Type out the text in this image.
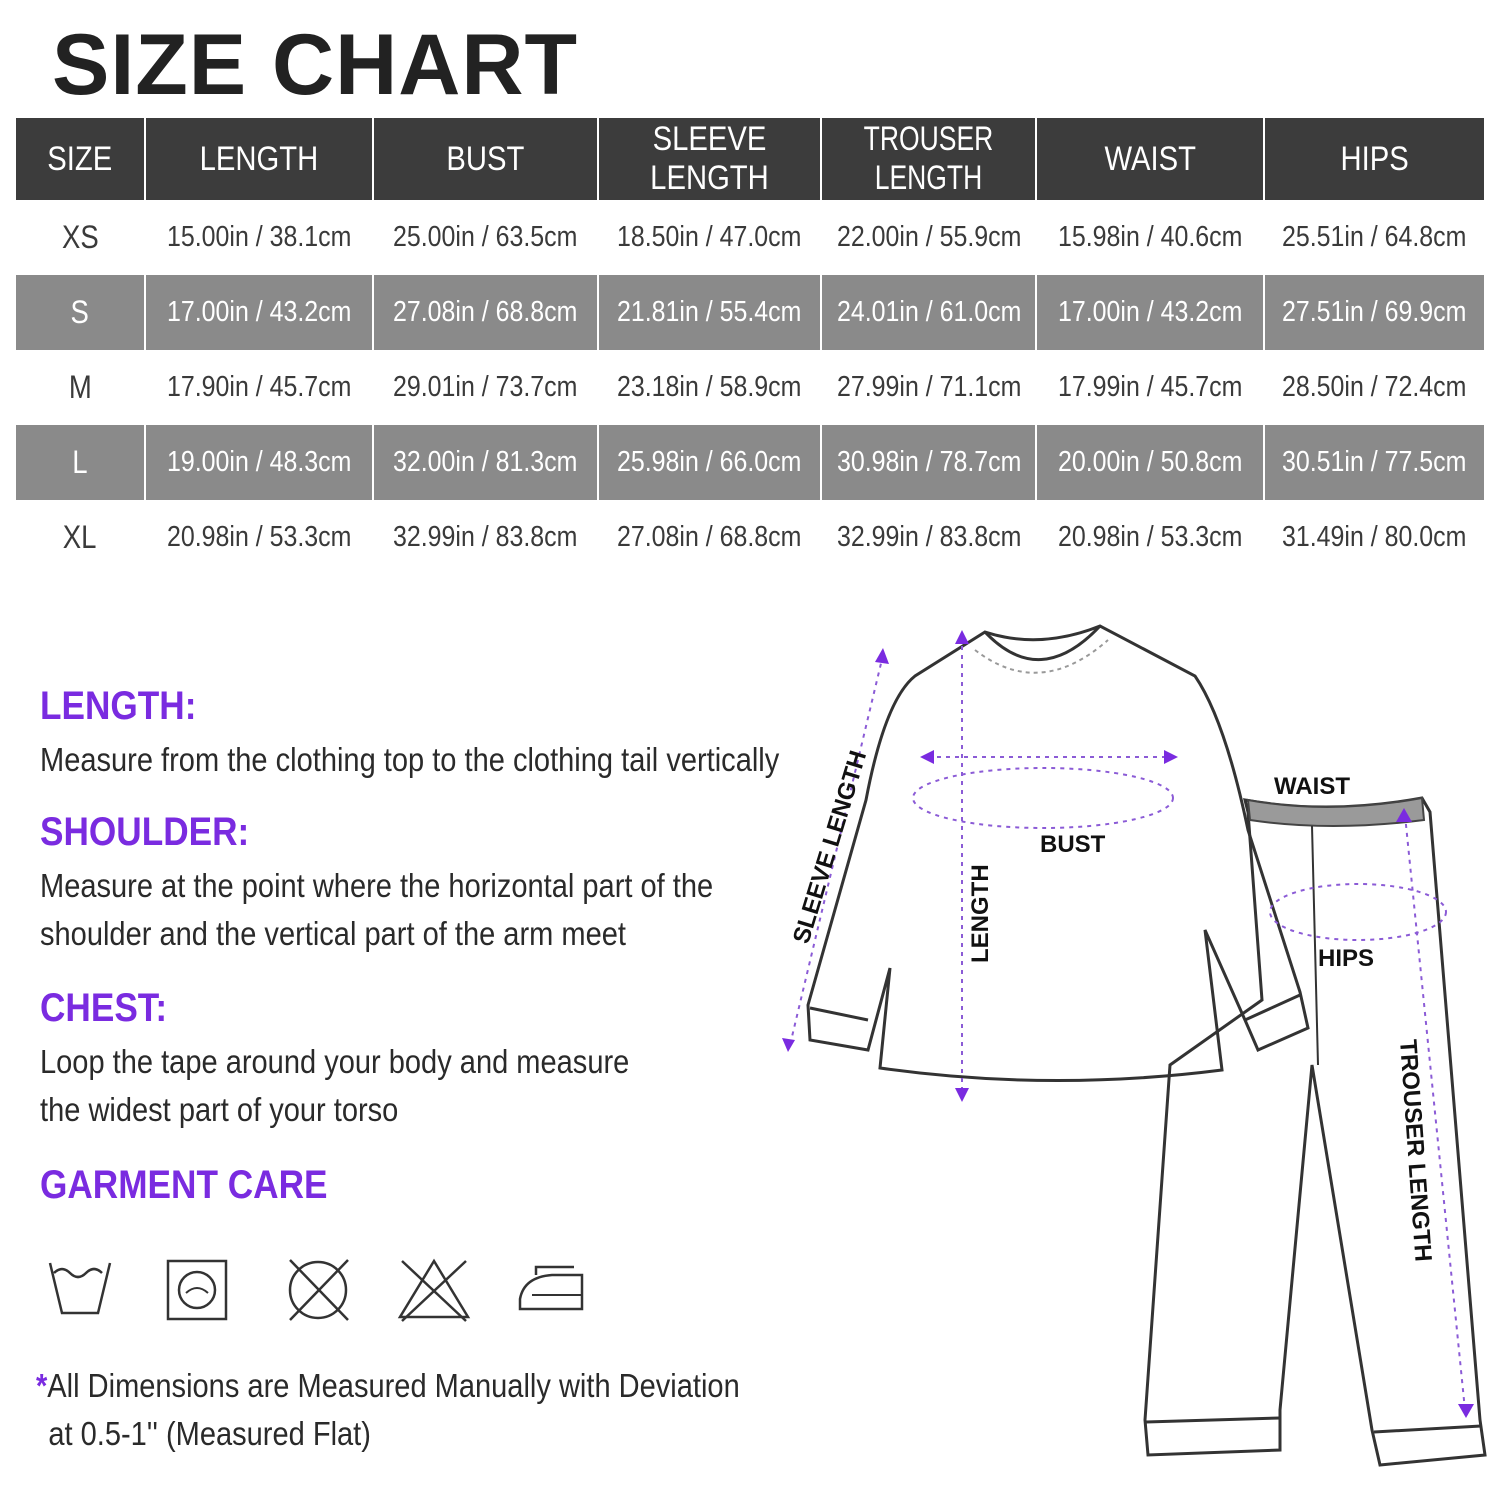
SIZE CHART
SIZE	LENGTH	BUST	SLEEVE LENGTH	TROUSER LENGTH	WAIST	HIPS
XS	15.00in / 38.1cm	25.00in / 63.5cm	18.50in / 47.0cm	22.00in / 55.9cm	15.98in / 40.6cm	25.51in / 64.8cm
S	17.00in / 43.2cm	27.08in / 68.8cm	21.81in / 55.4cm	24.01in / 61.0cm	17.00in / 43.2cm	27.51in / 69.9cm
M	17.90in / 45.7cm	29.01in / 73.7cm	23.18in / 58.9cm	27.99in / 71.1cm	17.99in / 45.7cm	28.50in / 72.4cm
L	19.00in / 48.3cm	32.00in / 81.3cm	25.98in / 66.0cm	30.98in / 78.7cm	20.00in / 50.8cm	30.51in / 77.5cm
XL	20.98in / 53.3cm	32.99in / 83.8cm	27.08in / 68.8cm	32.99in / 83.8cm	20.98in / 53.3cm	31.49in / 80.0cm
LENGTH:

Measure from the clothing top to the clothing tail vertically

SHOULDER:

Measure at the point where the horizontal part of the

shoulder and the vertical part of the arm meet

CHEST:

Loop the tape around your body and measure

the widest part of your torso

GARMENT CARE
*All Dimensions are Measured Manually with Deviation
at 0.5-1'' (Measured Flat)
SLEEVE LENGTH	LENGTH
BUST
WAIST
HIPS
TROUSER LENGTH
